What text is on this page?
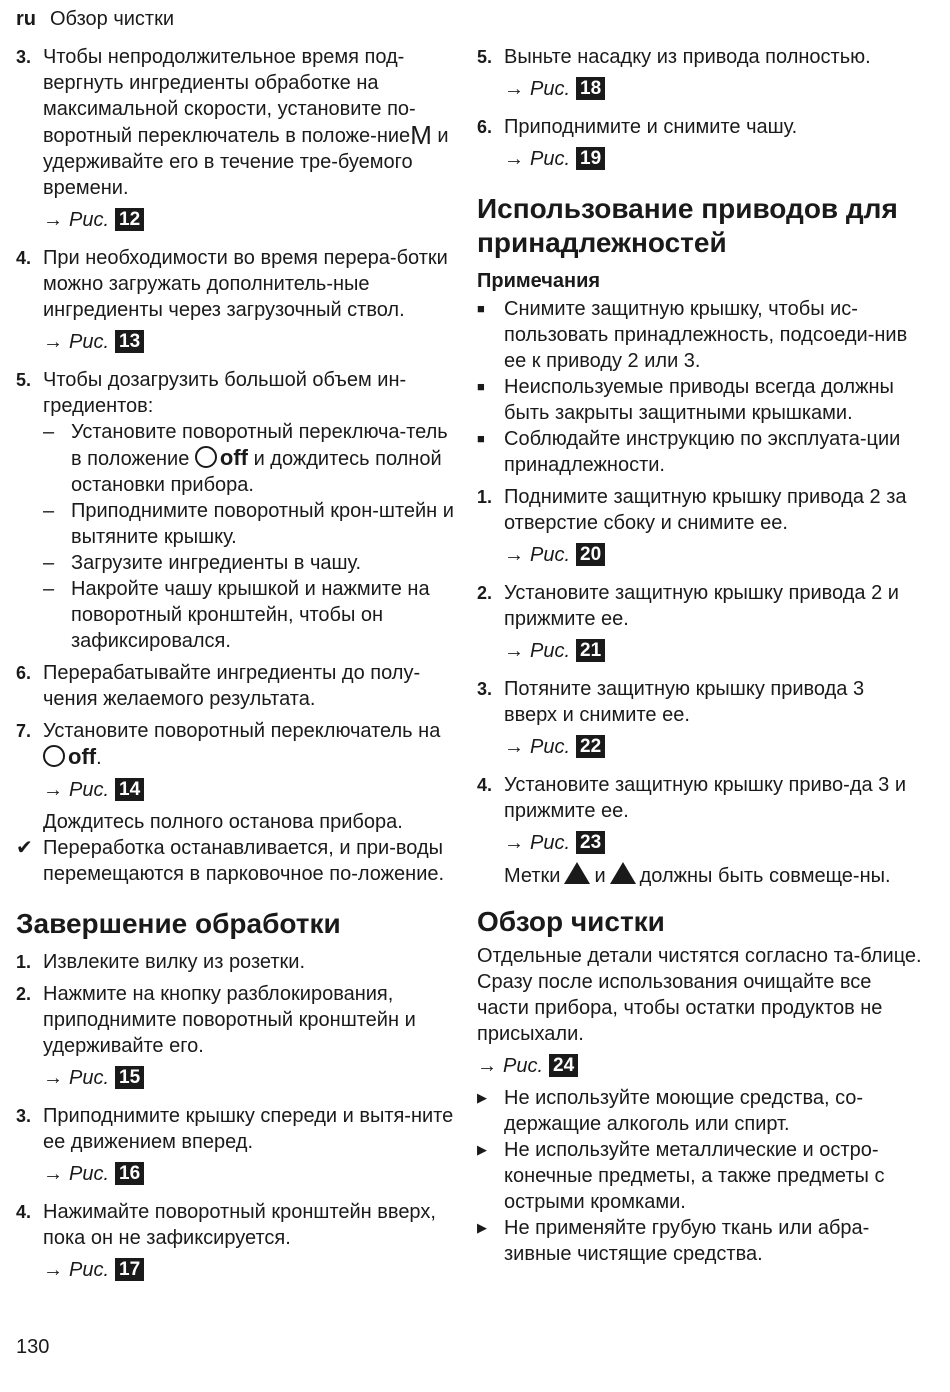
ru Обзор чистки
3. Чтобы непродолжительное время под-вергнуть ингредиенты обработке на максимальной скорости, установите по-воротный переключатель в положе-ниеM и удерживайте его в течение тре-буемого времени.

→ Рис. 12
4. При необходимости во время перера-ботки можно загружать дополнитель-ные ингредиенты через загрузочный ствол.

→ Рис. 13
5. Чтобы дозагрузить большой объем ин-гредиентов:

– Установите поворотный переключа-тель в положение off и дождитесь полной остановки прибора.
– Приподнимите поворотный крон-штейн и вытяните крышку.
– Загрузите ингредиенты в чашу.
– Накройте чашу крышкой и нажмите на поворотный кронштейн, чтобы он зафиксировался.
6. Перерабатывайте ингредиенты до полу-чения желаемого результата.

7. Установите поворотный переключатель на
off.

→ Рис. 14

Дождитесь полного останова прибора.

✔ Переработка останавливается, и при-воды перемещаются в парковочное по-ложение.
Завершение обработки
1. Извлеките вилку из розетки.

2. Нажмите на кнопку разблокирования, приподнимите поворотный кронштейн и удерживайте его.

→ Рис. 15
3. Приподнимите крышку спереди и вытя-ните ее движением вперед.

→ Рис. 16
4. Нажимайте поворотный кронштейн вверх, пока он не зафиксируется.

→ Рис. 17
5. Выньте насадку из привода полностью.

→ Рис. 18
6. Приподнимите и снимите чашу.

→ Рис. 19
Использование приводов для принадлежностей
Примечания
■ Снимите защитную крышку, чтобы ис-пользовать принадлежность, подсоеди-нив ее к приводу 2 или 3.
■ Неиспользуемые приводы всегда должны быть закрыты защитными крышками.
■ Соблюдайте инструкцию по эксплуата-ции принадлежности.
1. Поднимите защитную крышку привода 2 за отверстие сбоку и снимите ее.

→ Рис. 20
2. Установите защитную крышку привода 2 и прижмите ее.

→ Рис. 21
3. Потяните защитную крышку привода 3 вверх и снимите ее.

→ Рис. 22
4. Установите защитную крышку приво-да 3 и прижмите ее.

→ Рис. 23

Метки и должны быть совмеще-ны.

Обзор чистки

Отдельные детали чистятся согласно та-блице.

Сразу после использования очищайте все части прибора, чтобы остатки продуктов не присыхали.

→ Рис. 24
▶ Не используйте моющие средства, со-держащие алкоголь или спирт.
▶ Не используйте металлические и остро-конечные предметы, а также предметы с острыми кромками.
▶ Не применяйте грубую ткань или абра-зивные чистящие средства.
130
